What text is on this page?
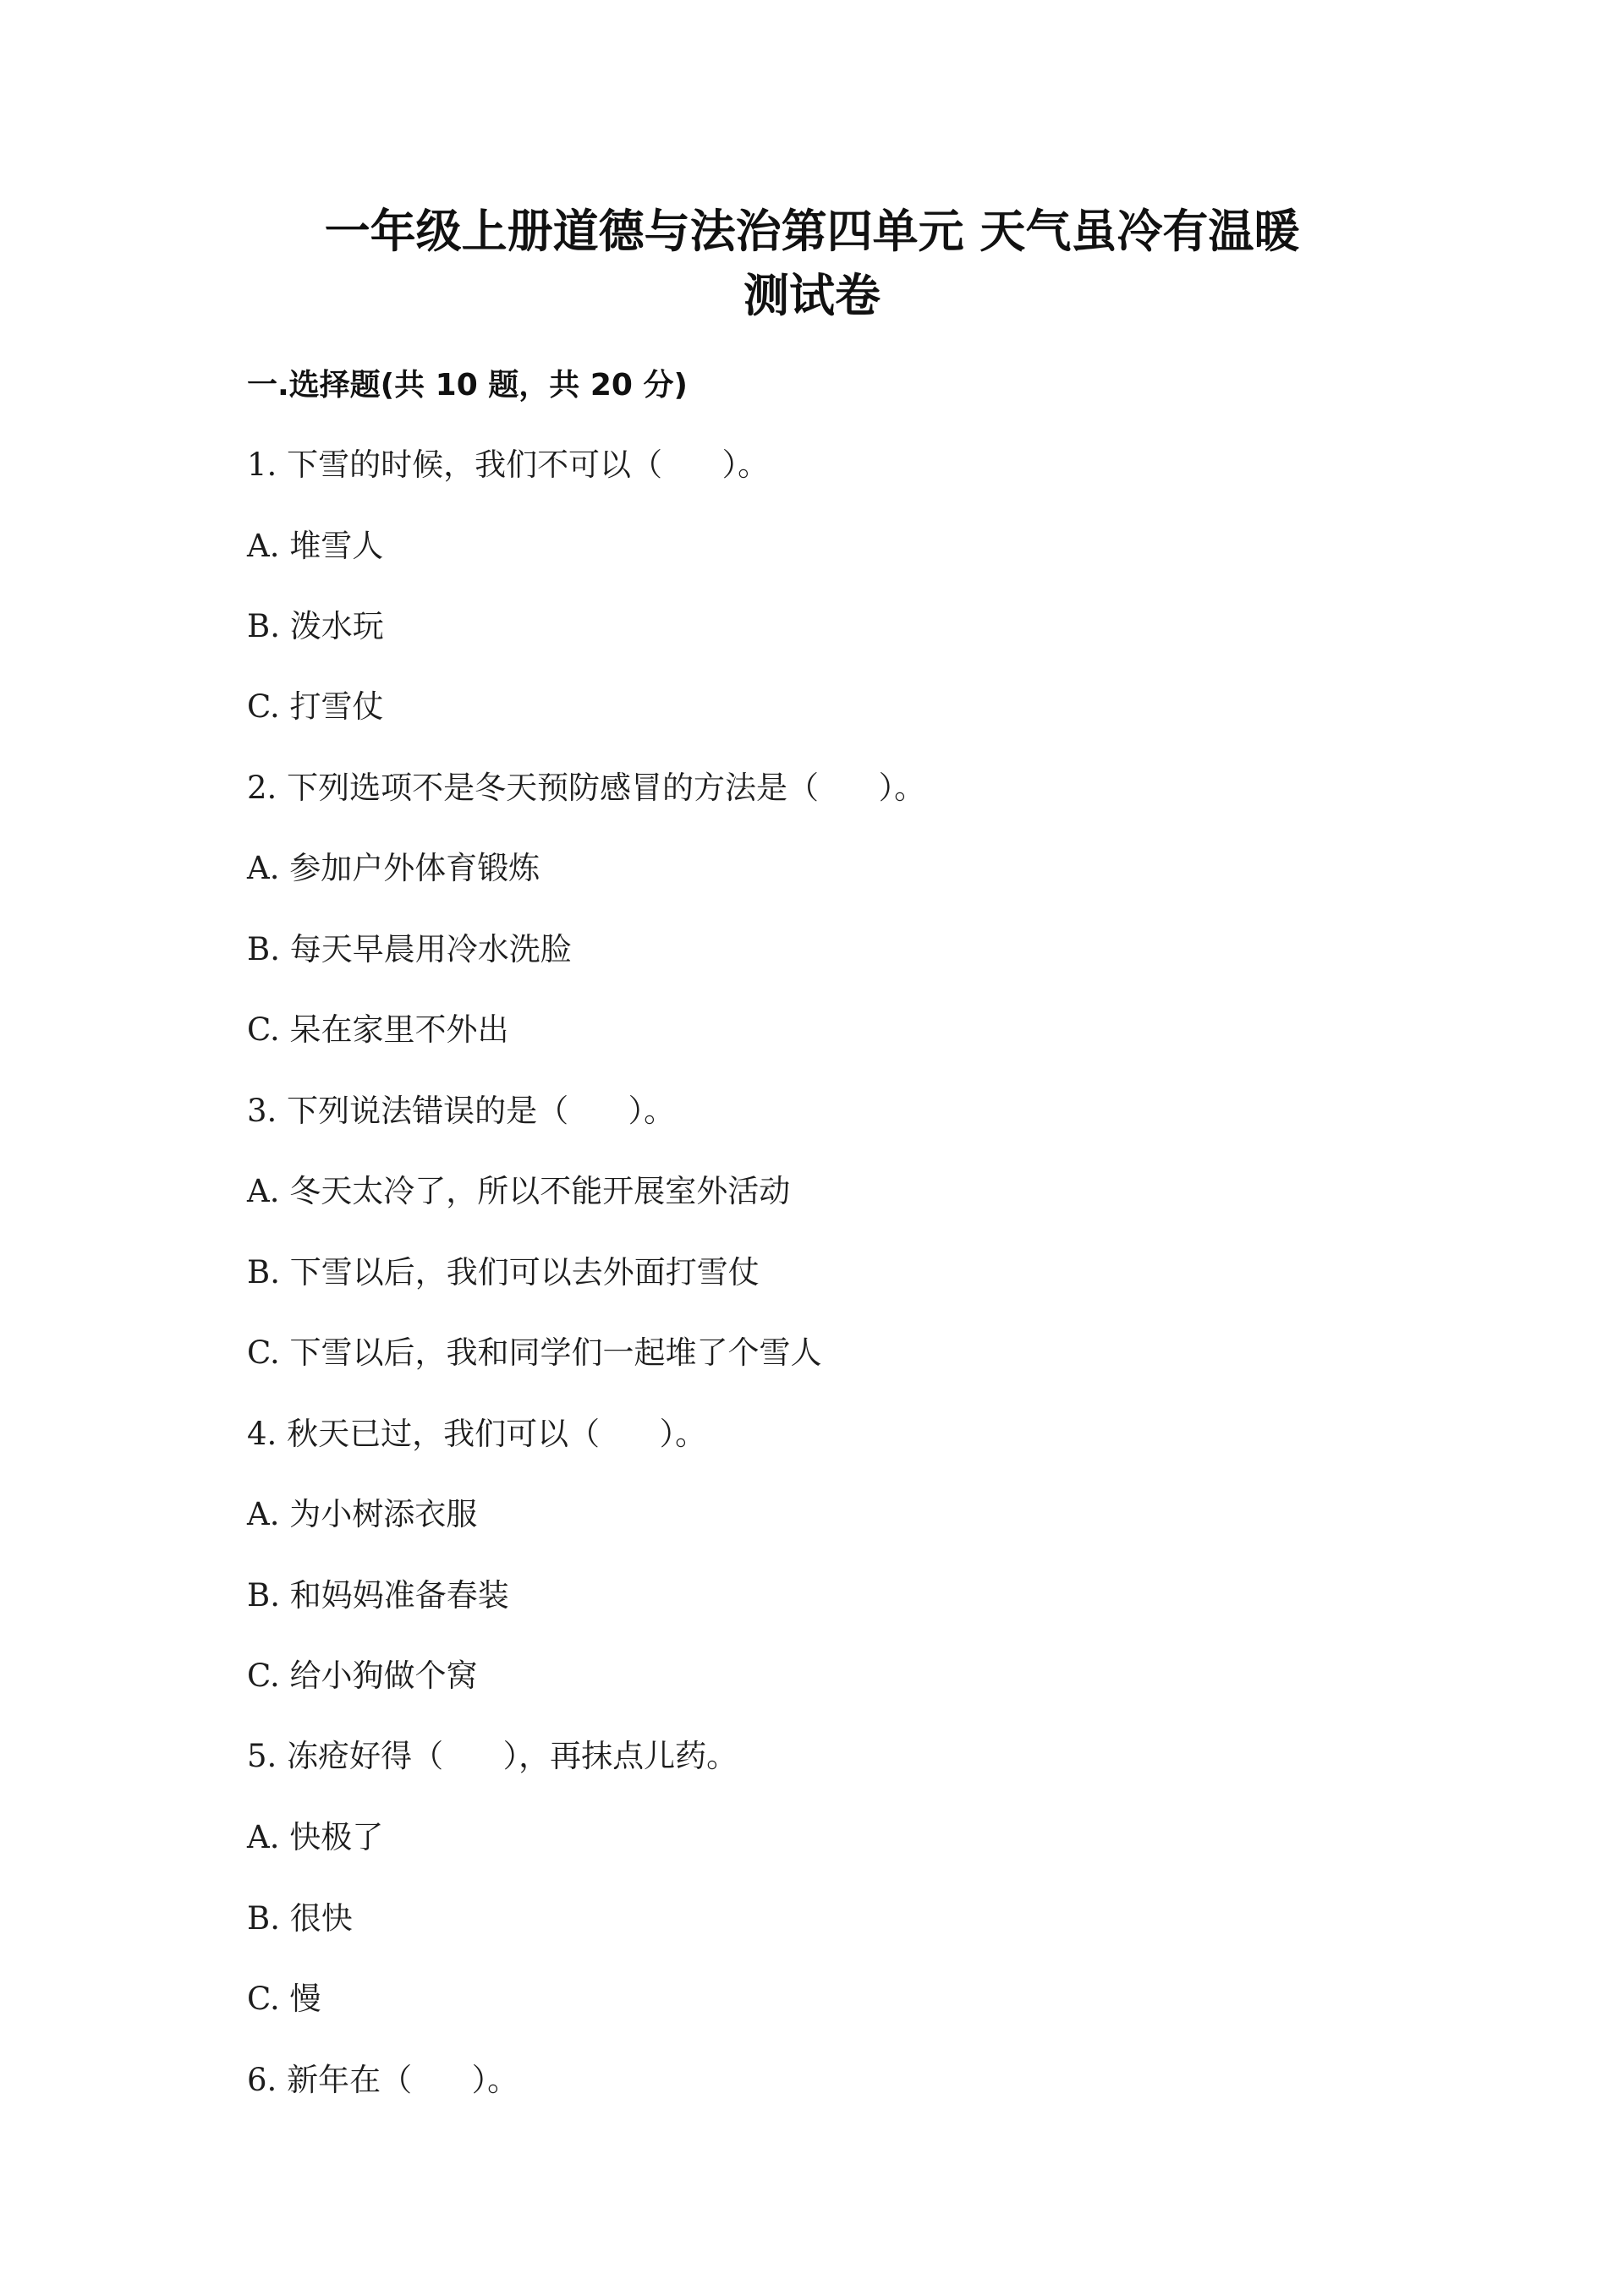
一年级上册道德与法治第四单元 天气虽冷有温暖
测试卷
一.选择题(共 10 题，共 20 分)
1. 下雪的时候，我们不可以（      ）。
A. 堆雪人
B. 泼水玩
C. 打雪仗
2. 下列选项不是冬天预防感冒的方法是（      ）。
A. 参加户外体育锻炼
B. 每天早晨用冷水洗脸
C. 呆在家里不外出
3. 下列说法错误的是（      ）。
A. 冬天太冷了，所以不能开展室外活动
B. 下雪以后，我们可以去外面打雪仗
C. 下雪以后，我和同学们一起堆了个雪人
4. 秋天已过，我们可以（      ）。
A. 为小树添衣服
B. 和妈妈准备春装
C. 给小狗做个窝
5. 冻疮好得（      ），再抹点儿药。
A. 快极了
B. 很快
C. 慢
6. 新年在（      ）。
